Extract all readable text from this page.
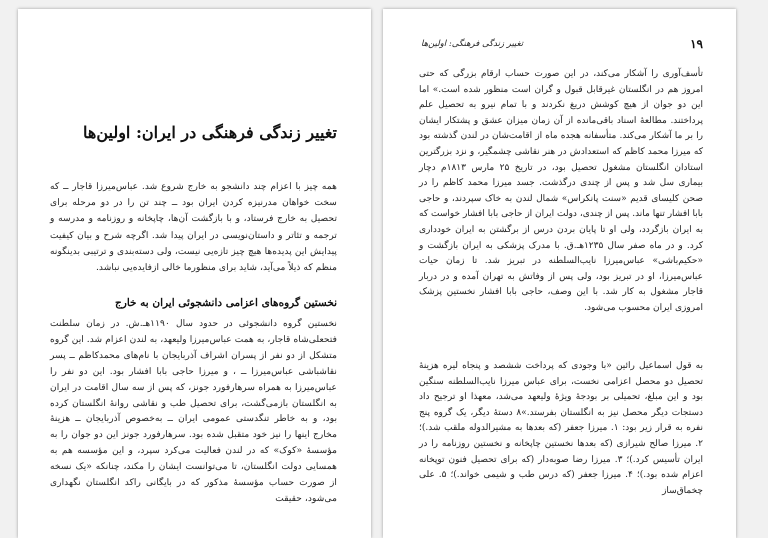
تغییر زندگی فرهنگی در ایران: اولین‌ها

همه چیز با اعزام چند دانشجو به خارج شروع شد. عباس‌میرزا قاجار ــ که سخت خواهان مدرنیزه کردن ایران بود ــ چند تن را در دو مرحله برای تحصیل به خارج فرستاد، و با بازگشت آن‌ها، چاپخانه و روزنامه و مدرسه و ترجمه و تئاتر و داستان‌نویسی در ایران پیدا شد. اگرچه شرح و بیان کیفیت پیدایش این پدیده‌ها هیچ چیز تازه‌یی نیست، ولی دسته‌بندی و ترتیبی بدینگونه منظم که ذیلاً می‌آید، شاید برای منظورما خالی ازفایده‌یی نباشد.

نخستین گروه‌های اعزامی دانشجوئی ایران به خارج

نخستین گروه دانشجوئی در حدود سال ۱۱۹۰هـ.ش. در زمان سلطنت فتحعلی‌شاه قاجار، به همت عباس‌میرزا ولیعهد، به لندن اعزام شد. این گروه متشکل از دو نفر از پسران اشراف آذربایجان با نام‌های محمدکاظم ــ پسر نقاشباشی عباس‌میرزا ــ ، و میرزا حاجی بابا افشار بود. این دو نفر را عباس‌میرزا به همراه سرهارفورد جونز، که پس از سه سال اقامت در ایران به انگلستان بازمی‌گشت، برای تحصیل طب و نقاشی روانهٔ انگلستان کرده بود، و به خاطر تنگدستی عمومی ایران ــ به‌خصوص آذربایجان ــ هزینهٔ مخارج اینها را نیز خود متقبل شده بود. سرهارفورد جونز این دو جوان را به مؤسسهٔ «کوک» که در لندن فعالیت می‌کرد سپرد، و این مؤسسه هم به همسایی دولت انگلستان، تا می‌توانست ایشان را مکند، چنانکه «یک نسخه از صورت حساب مؤسسهٔ مذکور که در بایگانی راکد انگلستان نگهداری می‌شود، حقیقت

۱۹
تغییر زندگی فرهنگی: اولین‌ها

تأسف‌آوری را آشکار می‌کند، در این صورت حساب ارقام بزرگی که حتی امروز هم در انگلستان غیرقابل قبول و گران است منظور شده است.» اما این دو جوان از هیچ کوشش دریغ نکردند و با تمام نیرو به تحصیل علم پرداختند. مطالعهٔ اسناد باقی‌مانده از آن زمان میزان عشق و پشتکار ایشان را بر ما آشکار می‌کند. متأسفانه هجده ماه از اقامت‌شان در لندن گذشته بود که میرزا محمد کاظم که استعدادش در هنر نقاشی چشمگیر، و نزد بزرگترین استادان انگلستان مشغول تحصیل بود، در تاریخ ۲۵ مارس ۱۸۱۳م دچار بیماری سل شد و پس از چندی درگذشت. جسد میرزا محمد کاظم را در صحن کلیسای قدیم «سنت پانکراس» شمال لندن به خاک سپردند، و حاجی بابا افشار تنها ماند. پس از چندی، دولت ایران از حاجی بابا افشار خواست که به ایران بازگردد، ولی او تا پایان بردن درس از برگشتن به ایران خودداری کرد. و در ماه صفر سال ۱۲۳۵هـ.ق. با مدرک پزشکی به ایران بازگشت و «حکیم‌باشی» عباس‌میرزا نایب‌السلطنه در تبریز شد. تا زمان حیات عباس‌میرزا، او در تبریز بود، ولی پس از وفاتش به تهران آمده و در دربار قاجار مشغول به کار شد. با این وصف، حاجی بابا افشار نخستین پزشک امروزی ایران محسوب می‌شود.

به قول اسماعیل رائین «با وجودی که پرداخت ششصد و پنجاه لیره هزینهٔ تحصیل دو محصل اعزامی نخست، برای عباس میرزا نایب‌السلطنه سنگین بود و این مبلغ، تحمیلی بر بودجهٔ ویژهٔ ولیعهد می‌شد، معهذا او ترجیح داد دستجات دیگر محصل نیز به انگلستان بفرستد.»۸ دستهٔ دیگر، یک گروه پنج نفره به قرار زیر بود: ۱. میرزا جعفر (که بعدها به مشیرالدوله ملقب شد.)؛ ۲. میرزا صالح شیرازی (که بعدها نخستین چاپخانه و نخستین روزنامه را در ایران تأسیس کرد.)؛ ۳. میرزا رضا صوبه‌دار (که برای تحصیل فنون توپخانه اعزام شده بود.)؛ ۴. میرزا جعفر (که درس طب و شیمی خواند.)؛ ۵. علی چخماق‌ساز
